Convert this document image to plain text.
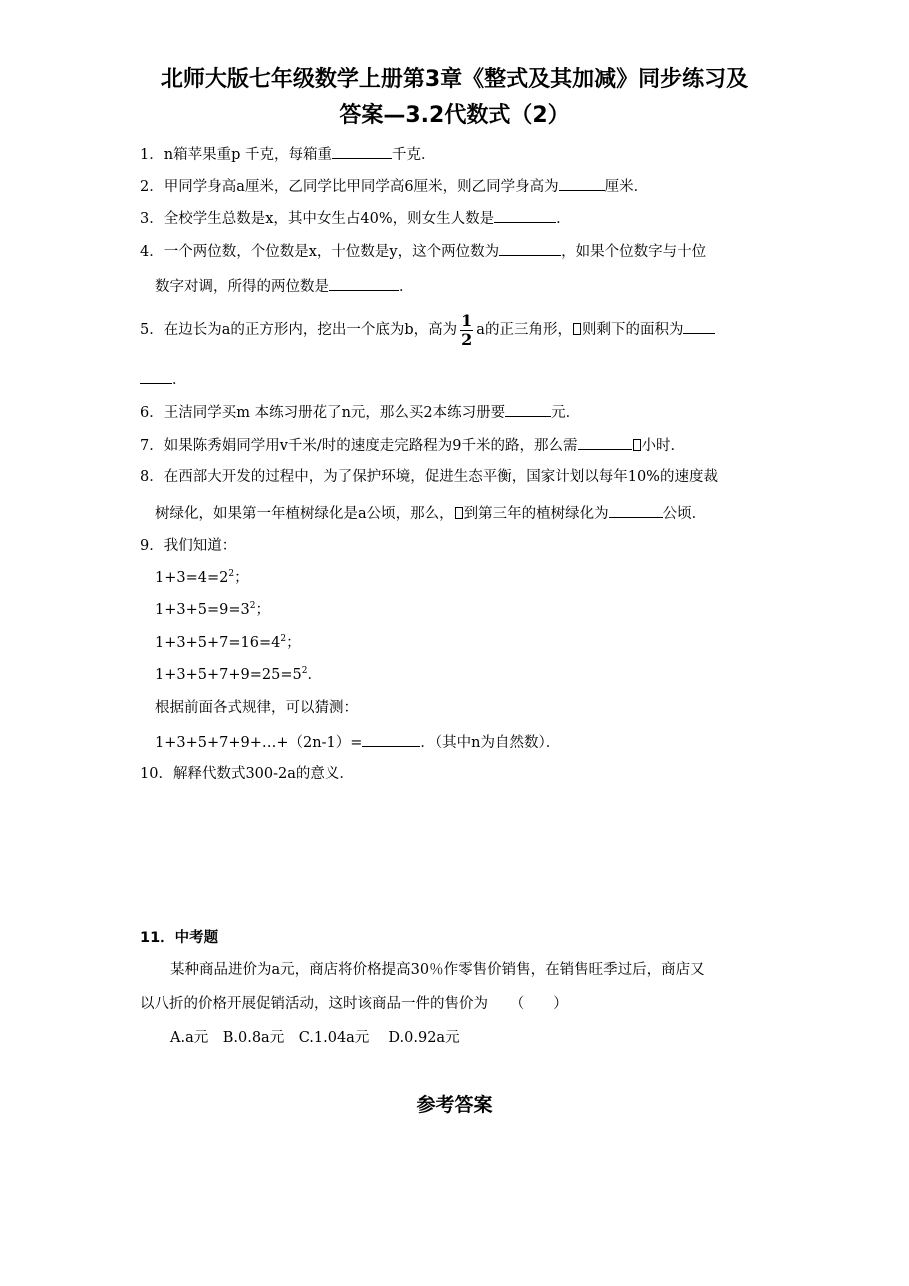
北师大版七年级数学上册第3章《整式及其加减》同步练习及
答案—3.2代数式（2）
1．n箱苹果重p 千克，每箱重	千克．
2．甲同学身高a厘米，乙同学比甲同学高6厘米，则乙同学身高为	厘米．
3．全校学生总数是x，其中女生占40%，则女生人数是	．
4．一个两位数，个位数是x，十位数是y，这个两位数为	，如果个位数字与十位
数字对调，所得的两位数是	．
5．在边长为a的正方形内，挖出一个底为b，高为 $\frac{1}{2}$ a的正三角形， 则剩下的面积为
．
6．王洁同学买m 本练习册花了n元，那么买2本练习册要	元．
7．如果陈秀娟同学用v千米/时的速度走完路程为9千米的路，那么需	小时．
8．在西部大开发的过程中，为了保护环境，促进生态平衡，国家计划以每年10%的速度裁
树绿化，如果第一年植树绿化是a公顷，那么， 到第三年的植树绿化为	公顷．
9．我们知道：
$1+3=4=2^2$；
$1+3+5=9=3^2$；
$1+3+5+7=16=4^2$；
$1+3+5+7+9=25=5^2$．
根据前面各式规律，可以猜测：
1+3+5+7+9+…+（2n-1）=	．（其中n为自然数）．
10．解释代数式300-2a的意义．
11．中考题
某种商品进价为a元，商店将价格提高30％作零售价销售，在销售旺季过后，商店又
以八折的价格开展促销活动，这时该商品一件的售价为　　（　　）
A.a元　B.0.8a元　C.1.04a元　 D.0.92a元
参考答案
